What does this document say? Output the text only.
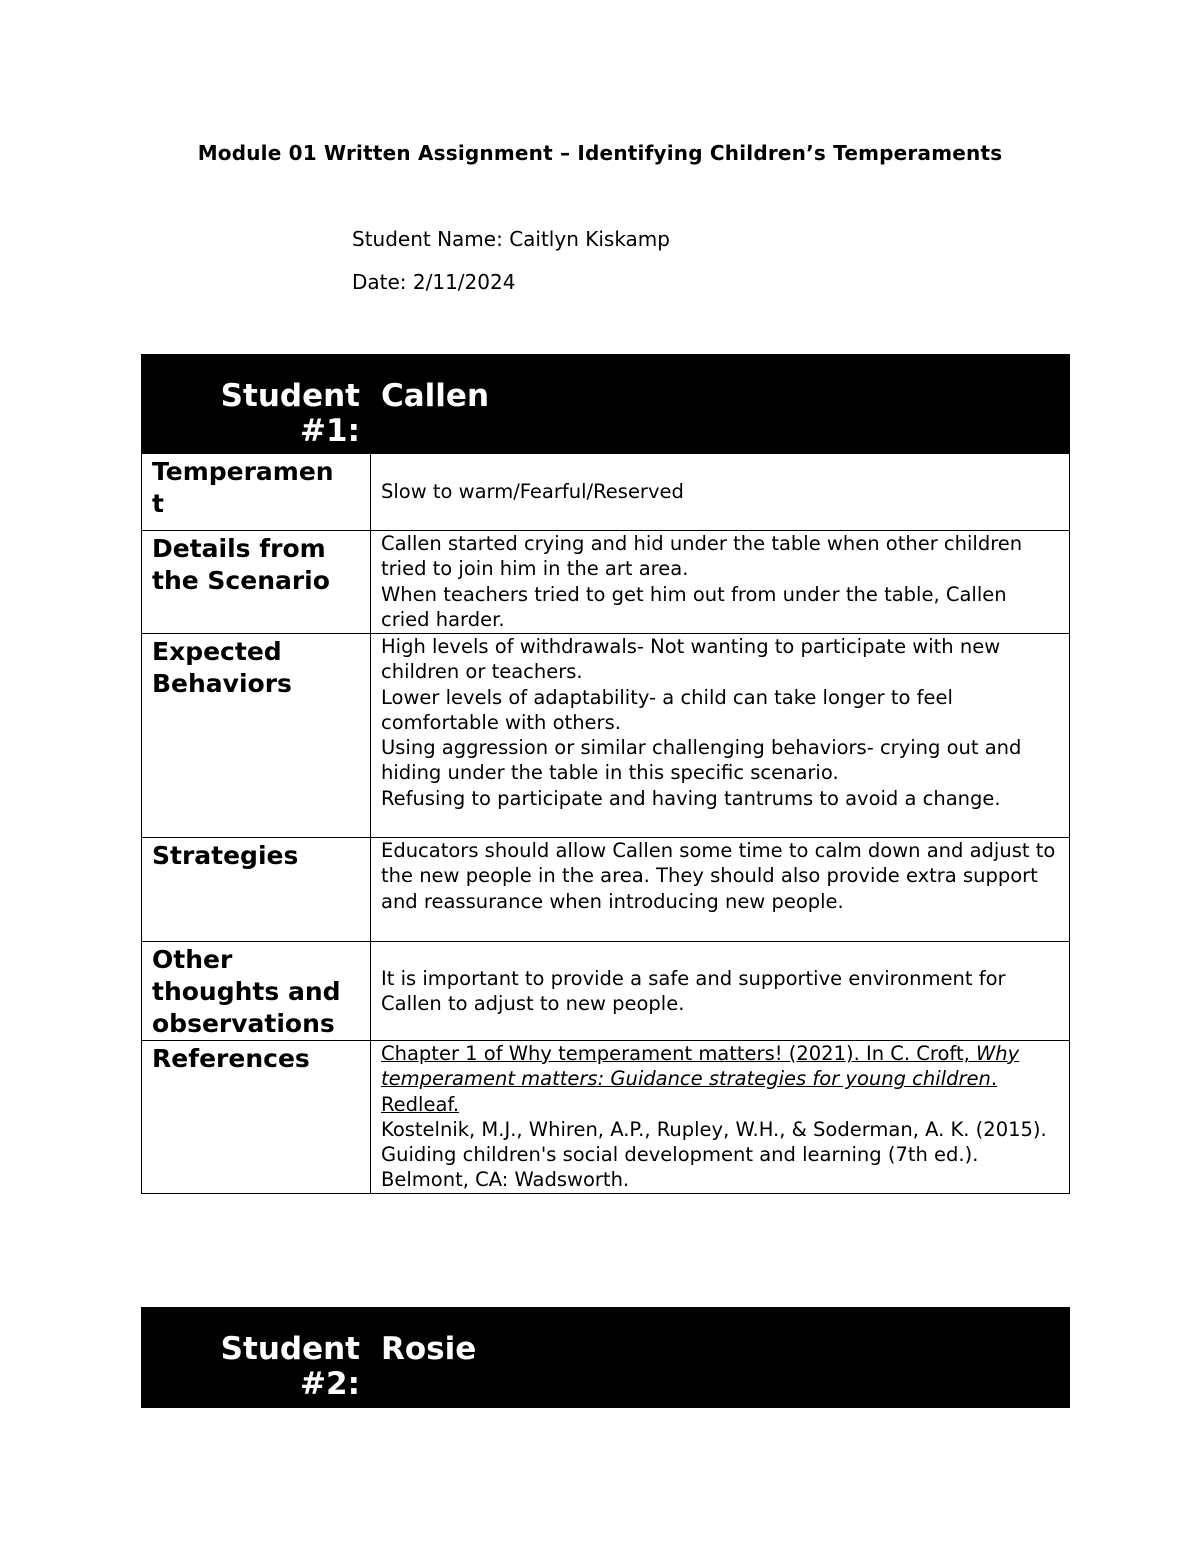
Module 01 Written Assignment – Identifying Children’s Temperaments
Student Name: Caitlyn Kiskamp
Date: 2/11/2024
Student
#1:	Callen

Temperamen
t	Slow to warm/Fearful/Reserved
Details from the Scenario	Callen started crying and hid under the table when other children tried to join him in the art area.
When teachers tried to get him out from under the table, Callen cried harder.

Expected Behaviors	High levels of withdrawals- Not wanting to participate with new children or teachers.
Lower levels of adaptability- a child can take longer to feel comfortable with others.
Using aggression or similar challenging behaviors- crying out and hiding under the table in this specific scenario.
Refusing to participate and having tantrums to avoid a change.

Strategies	Educators should allow Callen some time to calm down and adjust to the new people in the area. They should also provide extra support and reassurance when introducing new people.
Other thoughts and observations	It is important to provide a safe and supportive environment for Callen to adjust to new people.
References	Chapter 1 of Why temperament matters! (2021). In C. Croft, Why temperament matters: Guidance strategies for young children. Redleaf.
Kostelnik, M.J., Whiren, A.P., Rupley, W.H., & Soderman, A. K. (2015). Guiding children's social development and learning (7th ed.). Belmont, CA: Wadsworth.
Student
#2:
	Rosie
